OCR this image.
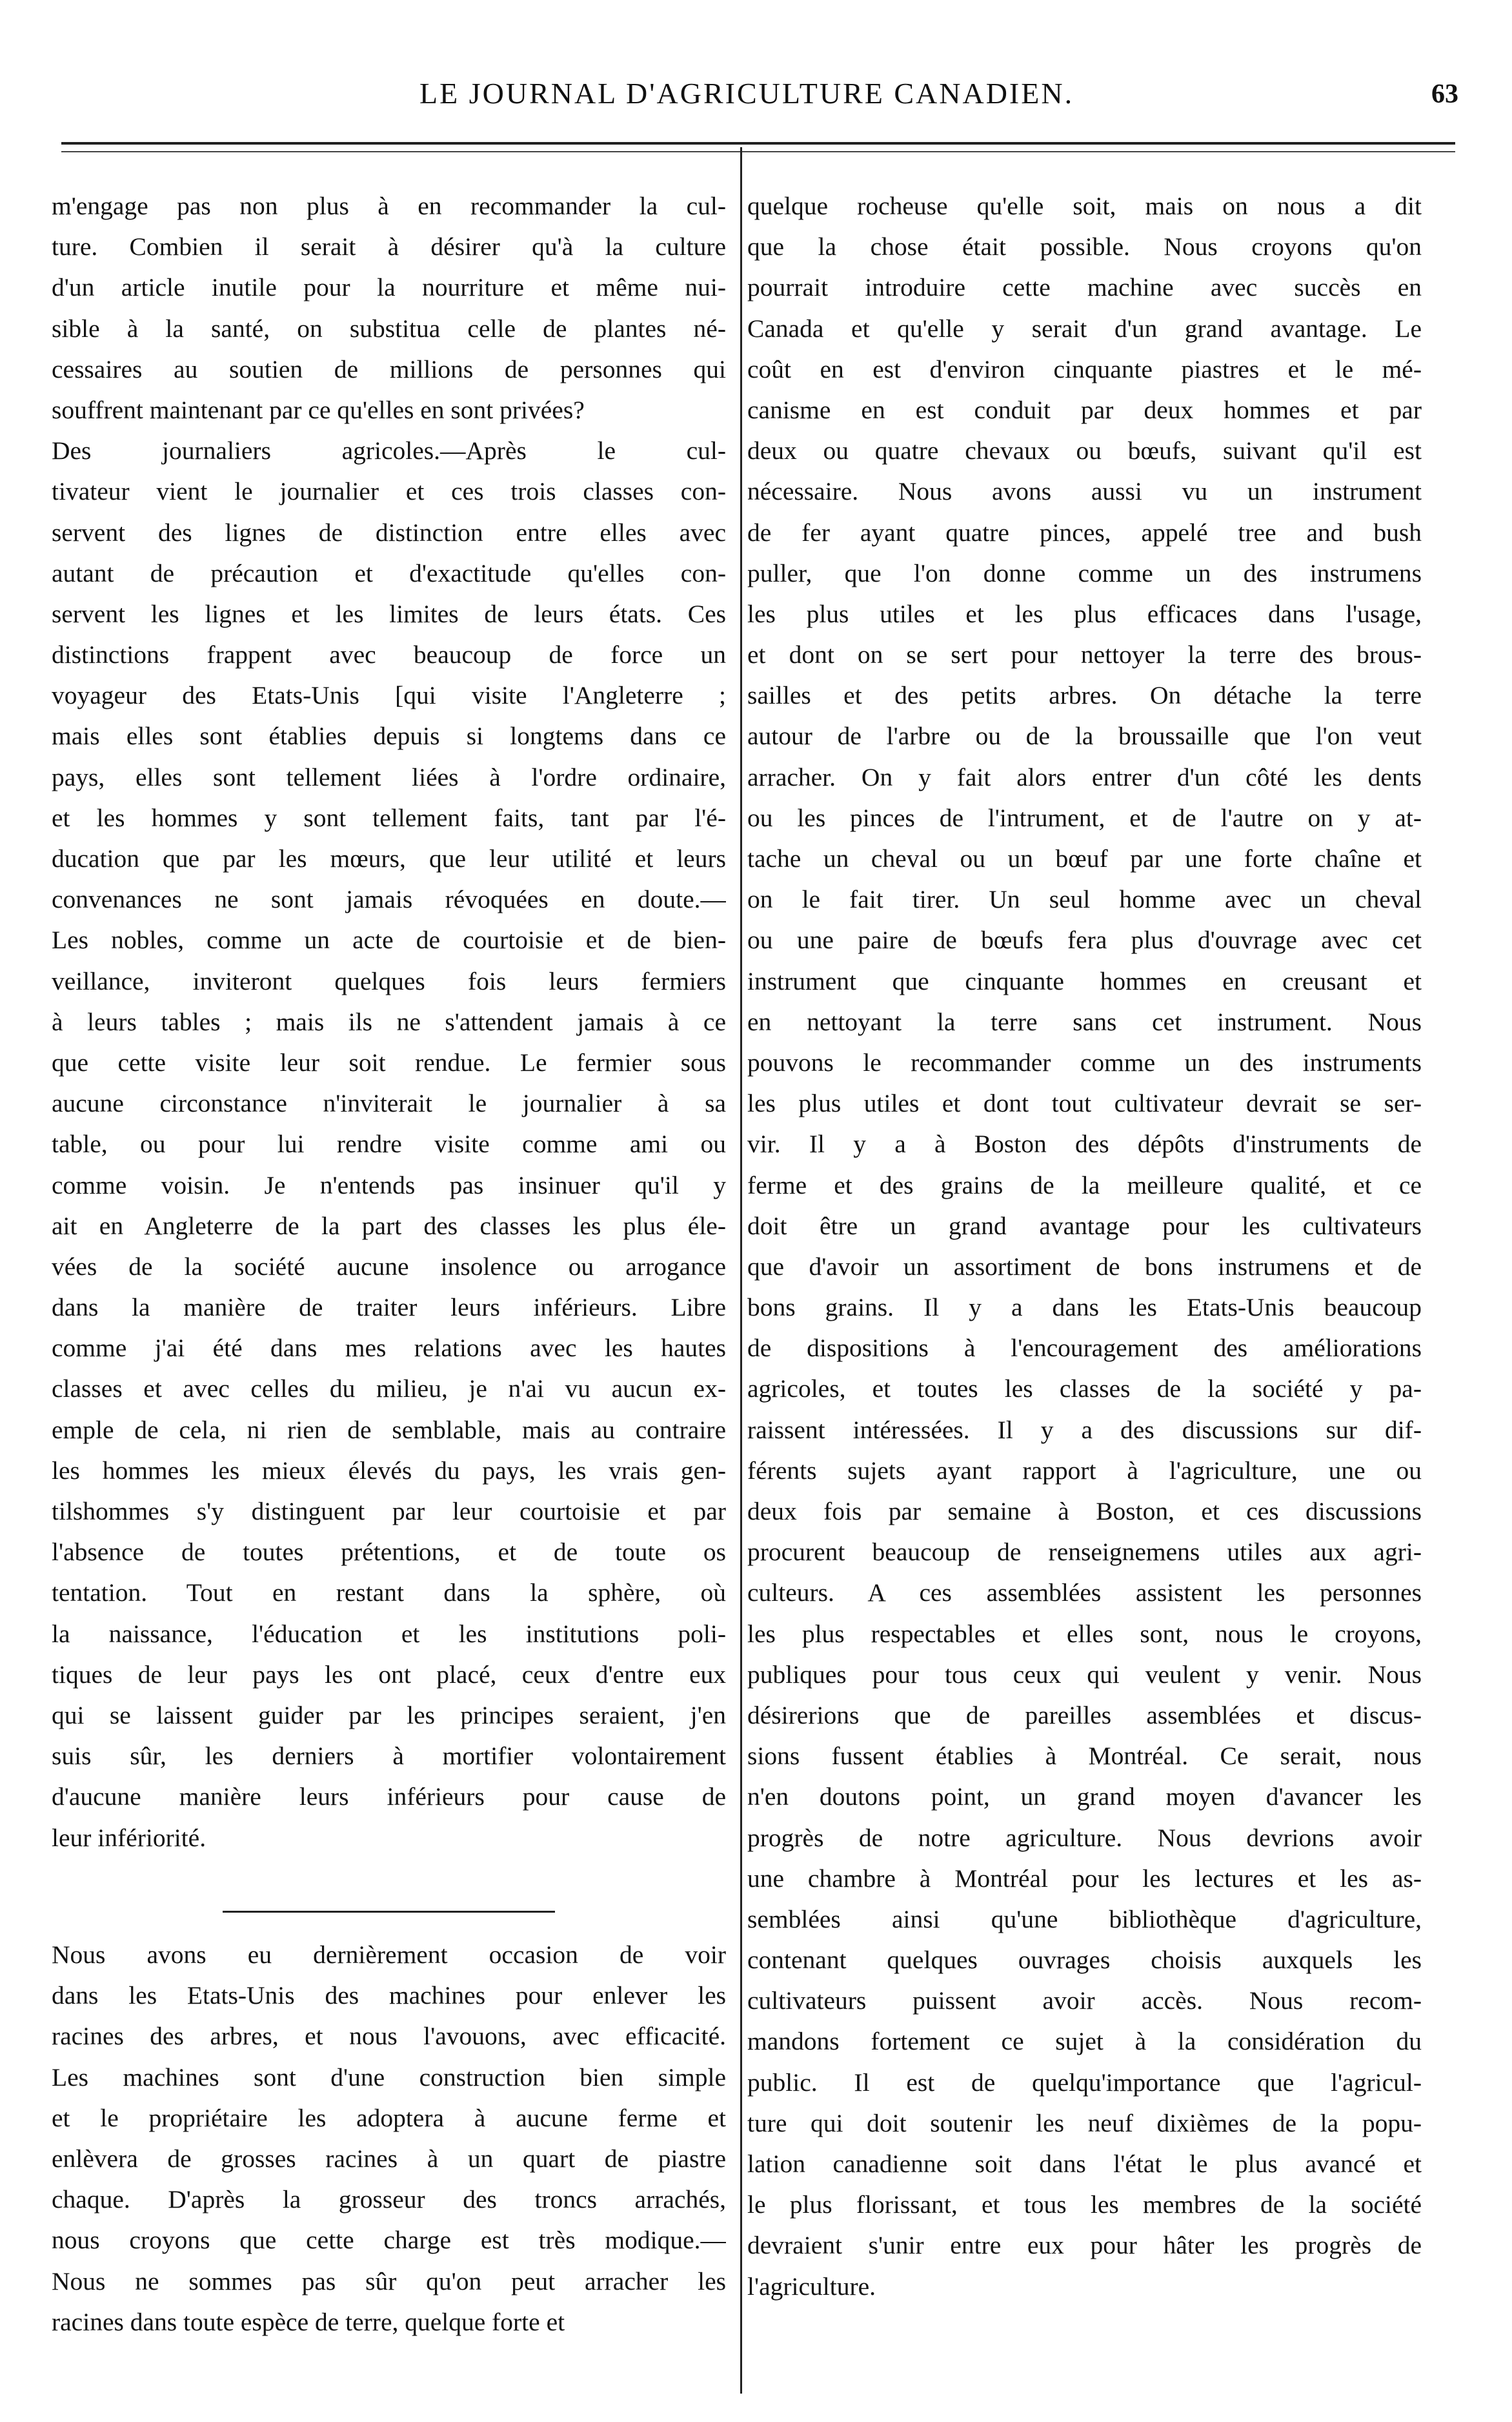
LE JOURNAL D'AGRICULTURE CANADIEN.	63
m'engage pas non plus à en recommander la cul-
ture. Combien il serait à désirer qu'à la culture
d'un article inutile pour la nourriture et même nui-
sible à la santé, on substitua celle de plantes né-
cessaires au soutien de millions de personnes qui
souffrent maintenant par ce qu'elles en sont privées?
Des journaliers agricoles.—Après le cul-
tivateur vient le journalier et ces trois classes con-
servent des lignes de distinction entre elles avec
autant de précaution et d'exactitude qu'elles con-
servent les lignes et les limites de leurs états. Ces
distinctions frappent avec beaucoup de force un
voyageur des Etats-Unis [qui visite l'Angleterre ;
mais elles sont établies depuis si longtems dans ce
pays, elles sont tellement liées à l'ordre ordinaire,
et les hommes y sont tellement faits, tant par l'é-
ducation que par les mœurs, que leur utilité et leurs
convenances ne sont jamais révoquées en doute.—
Les nobles, comme un acte de courtoisie et de bien-
veillance, inviteront quelques fois leurs fermiers
à leurs tables ; mais ils ne s'attendent jamais à ce
que cette visite leur soit rendue. Le fermier sous
aucune circonstance n'inviterait le journalier à sa
table, ou pour lui rendre visite comme ami ou
comme voisin. Je n'entends pas insinuer qu'il y
ait en Angleterre de la part des classes les plus éle-
vées de la société aucune insolence ou arrogance
dans la manière de traiter leurs inférieurs. Libre
comme j'ai été dans mes relations avec les hautes
classes et avec celles du milieu, je n'ai vu aucun ex-
emple de cela, ni rien de semblable, mais au contraire
les hommes les mieux élevés du pays, les vrais gen-
tilshommes s'y distinguent par leur courtoisie et par
l'absence de toutes prétentions, et de toute os
tentation. Tout en restant dans la sphère, où
la naissance, l'éducation et les institutions poli-
tiques de leur pays les ont placé, ceux d'entre eux
qui se laissent guider par les principes seraient, j'en
suis sûr, les derniers à mortifier volontairement
d'aucune manière leurs inférieurs pour cause de
leur infériorité.
Nous avons eu dernièrement occasion de voir
dans les Etats-Unis des machines pour enlever les
racines des arbres, et nous l'avouons, avec efficacité.
Les machines sont d'une construction bien simple
et le propriétaire les adoptera à aucune ferme et
enlèvera de grosses racines à un quart de piastre
chaque. D'après la grosseur des troncs arrachés,
nous croyons que cette charge est très modique.—
Nous ne sommes pas sûr qu'on peut arracher les
racines dans toute espèce de terre, quelque forte et
quelque rocheuse qu'elle soit, mais on nous a dit
que la chose était possible. Nous croyons qu'on
pourrait introduire cette machine avec succès en
Canada et qu'elle y serait d'un grand avantage. Le
coût en est d'environ cinquante piastres et le mé-
canisme en est conduit par deux hommes et par
deux ou quatre chevaux ou bœufs, suivant qu'il est
nécessaire. Nous avons aussi vu un instrument
de fer ayant quatre pinces, appelé tree and bush
puller, que l'on donne comme un des instrumens
les plus utiles et les plus efficaces dans l'usage,
et dont on se sert pour nettoyer la terre des brous-
sailles et des petits arbres. On détache la terre
autour de l'arbre ou de la broussaille que l'on veut
arracher. On y fait alors entrer d'un côté les dents
ou les pinces de l'intrument, et de l'autre on y at-
tache un cheval ou un bœuf par une forte chaîne et
on le fait tirer. Un seul homme avec un cheval
ou une paire de bœufs fera plus d'ouvrage avec cet
instrument que cinquante hommes en creusant et
en nettoyant la terre sans cet instrument. Nous
pouvons le recommander comme un des instruments
les plus utiles et dont tout cultivateur devrait se ser-
vir. Il y a à Boston des dépôts d'instruments de
ferme et des grains de la meilleure qualité, et ce
doit être un grand avantage pour les cultivateurs
que d'avoir un assortiment de bons instrumens et de
bons grains. Il y a dans les Etats-Unis beaucoup
de dispositions à l'encouragement des améliorations
agricoles, et toutes les classes de la société y pa-
raissent intéressées. Il y a des discussions sur dif-
férents sujets ayant rapport à l'agriculture, une ou
deux fois par semaine à Boston, et ces discussions
procurent beaucoup de renseignemens utiles aux agri-
culteurs. A ces assemblées assistent les personnes
les plus respectables et elles sont, nous le croyons,
publiques pour tous ceux qui veulent y venir. Nous
désirerions que de pareilles assemblées et discus-
sions fussent établies à Montréal. Ce serait, nous
n'en doutons point, un grand moyen d'avancer les
progrès de notre agriculture. Nous devrions avoir
une chambre à Montréal pour les lectures et les as-
semblées ainsi qu'une bibliothèque d'agriculture,
contenant quelques ouvrages choisis auxquels les
cultivateurs puissent avoir accès. Nous recom-
mandons fortement ce sujet à la considération du
public. Il est de quelqu'importance que l'agricul-
ture qui doit soutenir les neuf dixièmes de la popu-
lation canadienne soit dans l'état le plus avancé et
le plus florissant, et tous les membres de la société
devraient s'unir entre eux pour hâter les progrès de
l'agriculture.
